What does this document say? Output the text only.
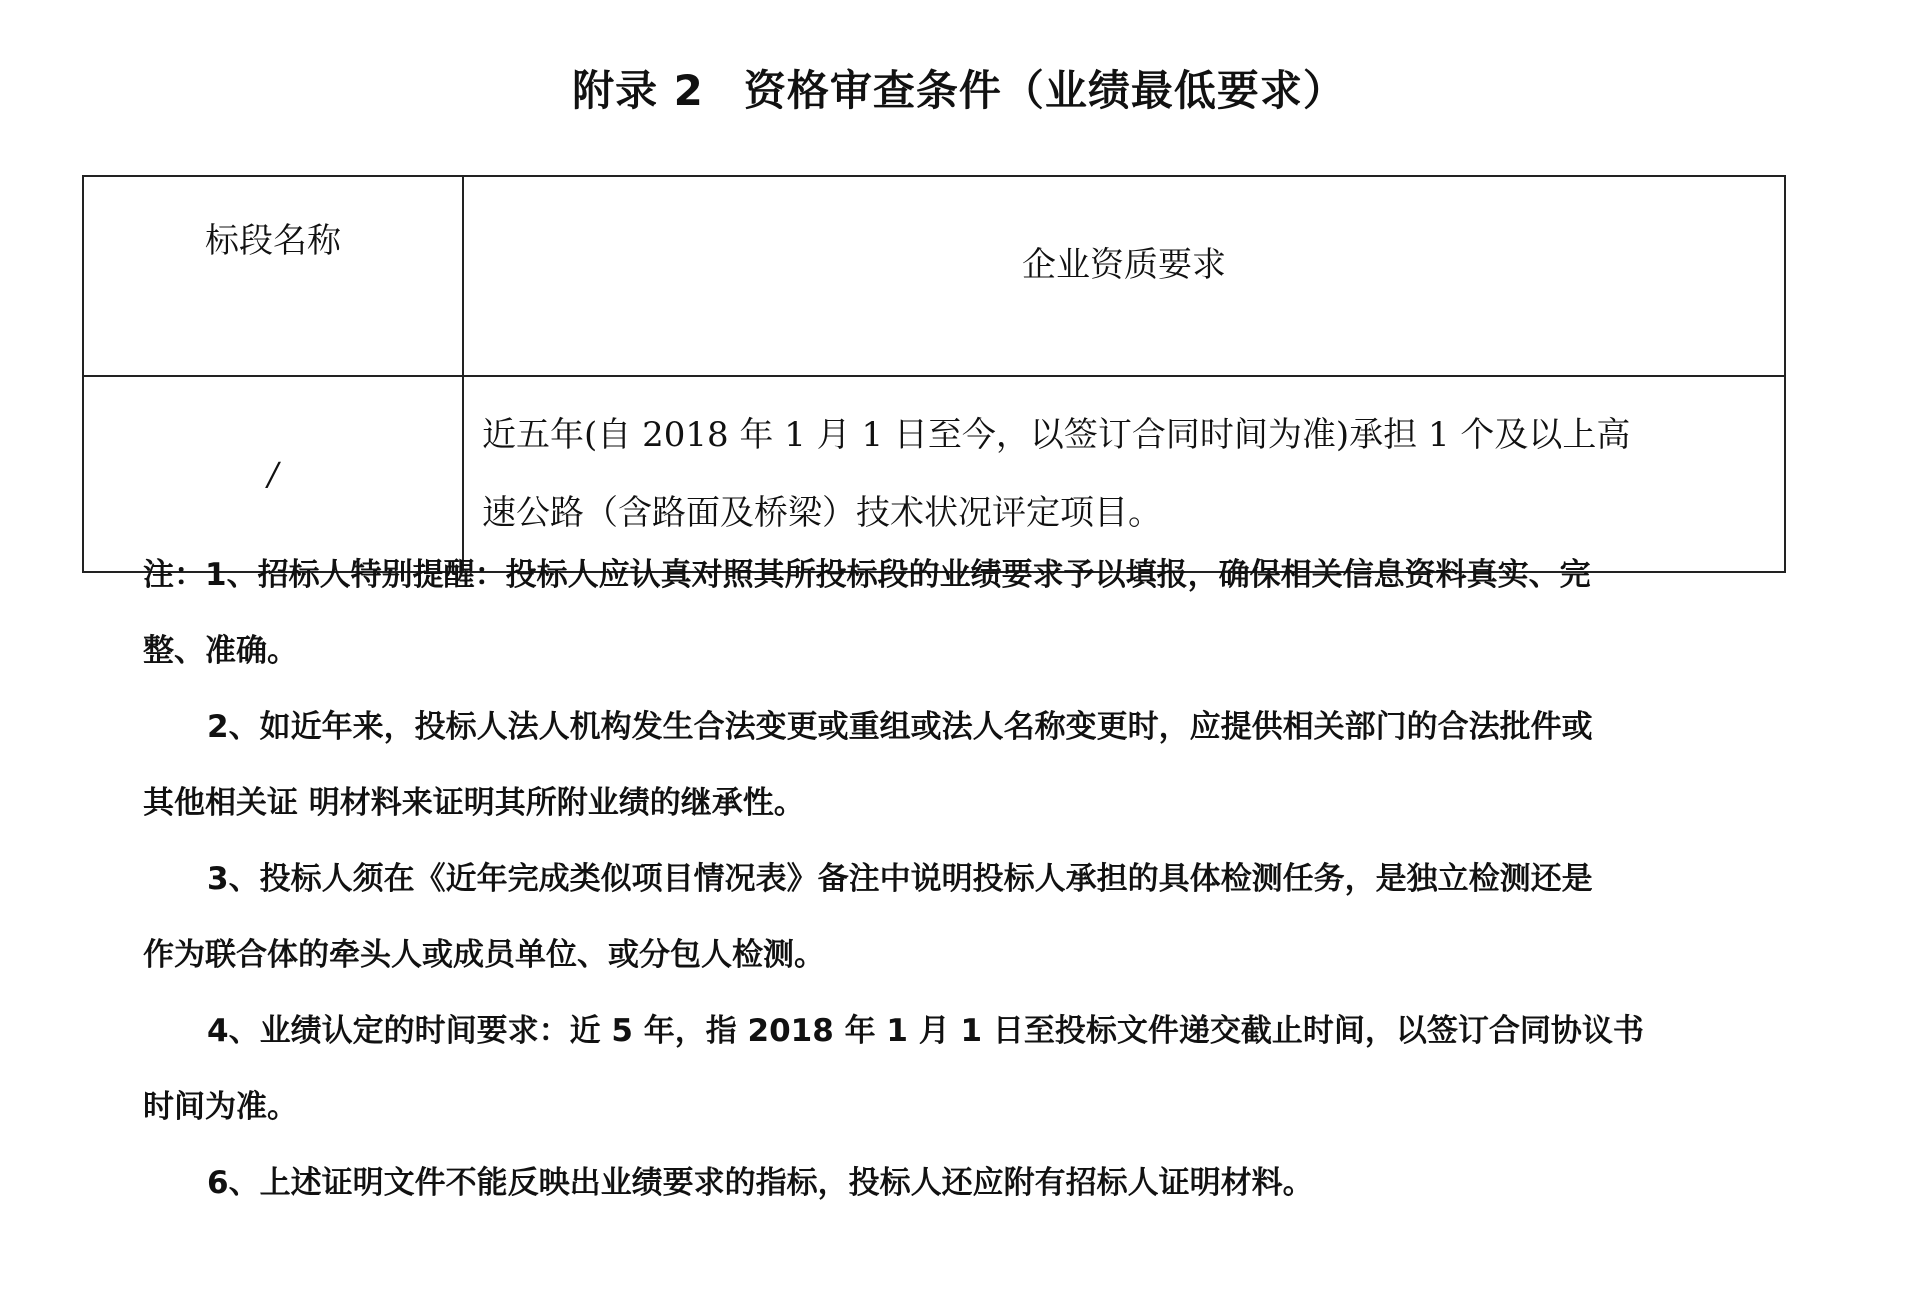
附录 2 资格审查条件（业绩最低要求）
标段名称	企业资质要求
/	近五年(自 2018 年 1 月 1 日至今，以签订合同时间为准)承担 1 个及以上高
速公路（含路面及桥梁）技术状况评定项目。
注：1、招标人特别提醒：投标人应认真对照其所投标段的业绩要求予以填报，确保相关信息资料真实、完
整、准确。
2、如近年来，投标人法人机构发生合法变更或重组或法人名称变更时，应提供相关部门的合法批件或
其他相关证 明材料来证明其所附业绩的继承性。
3、投标人须在《近年完成类似项目情况表》备注中说明投标人承担的具体检测任务，是独立检测还是
作为联合体的牵头人或成员单位、或分包人检测。
4、业绩认定的时间要求：近 5 年，指 2018 年 1 月 1 日至投标文件递交截止时间，以签订合同协议书
时间为准。
6、上述证明文件不能反映出业绩要求的指标，投标人还应附有招标人证明材料。
